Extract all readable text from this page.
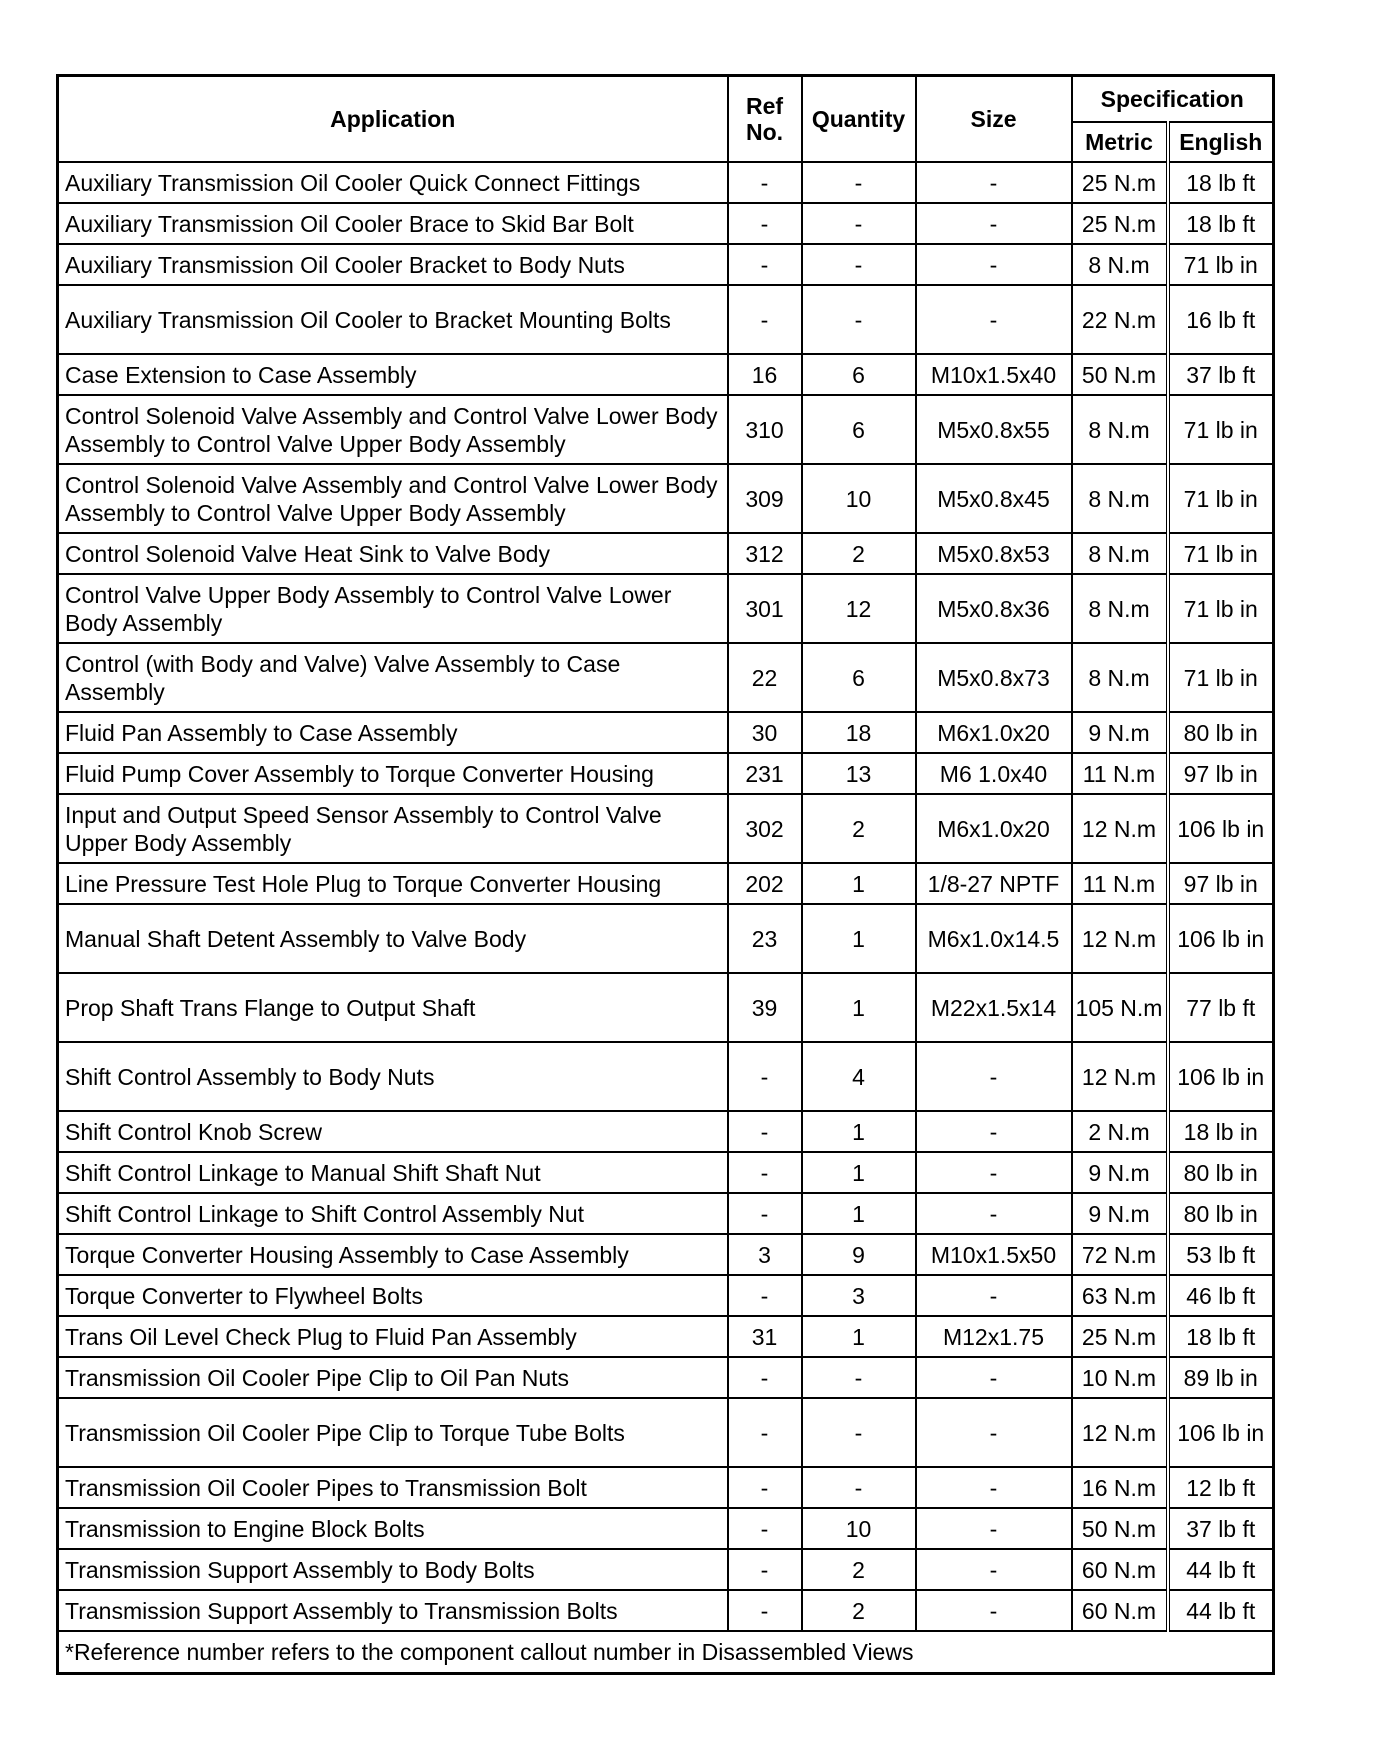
Application	Ref No.	Quantity	Size	Specification	
				Metric	English
Auxiliary Transmission Oil Cooler Quick Connect Fittings	-	-	-	25 N.m	18 lb ft
Auxiliary Transmission Oil Cooler Brace to Skid Bar Bolt	-	-	-	25 N.m	18 lb ft
Auxiliary Transmission Oil Cooler Bracket to Body Nuts	-	-	-	8 N.m	71 lb in
Auxiliary Transmission Oil Cooler to Bracket Mounting Bolts	-	-	-	22 N.m	16 lb ft
Case Extension to Case Assembly	16	6	M10x1.5x40	50 N.m	37 lb ft
Control Solenoid Valve Assembly and Control Valve Lower Body Assembly to Control Valve Upper Body Assembly	310	6	M5x0.8x55	8 N.m	71 lb in
Control Solenoid Valve Assembly and Control Valve Lower Body Assembly to Control Valve Upper Body Assembly	309	10	M5x0.8x45	8 N.m	71 lb in
Control Solenoid Valve Heat Sink to Valve Body	312	2	M5x0.8x53	8 N.m	71 lb in
Control Valve Upper Body Assembly to Control Valve Lower Body Assembly	301	12	M5x0.8x36	8 N.m	71 lb in
Control (with Body and Valve) Valve Assembly to Case Assembly	22	6	M5x0.8x73	8 N.m	71 lb in
Fluid Pan Assembly to Case Assembly	30	18	M6x1.0x20	9 N.m	80 lb in
Fluid Pump Cover Assembly to Torque Converter Housing	231	13	M6 1.0x40	11 N.m	97 lb in
Input and Output Speed Sensor Assembly to Control Valve Upper Body Assembly	302	2	M6x1.0x20	12 N.m	106 lb in
Line Pressure Test Hole Plug to Torque Converter Housing	202	1	1/8-27 NPTF	11 N.m	97 lb in
Manual Shaft Detent Assembly to Valve Body	23	1	M6x1.0x14.5	12 N.m	106 lb in
Prop Shaft Trans Flange to Output Shaft	39	1	M22x1.5x14	105 N.m	77 lb ft
Shift Control Assembly to Body Nuts	-	4	-	12 N.m	106 lb in
Shift Control Knob Screw	-	1	-	2 N.m	18 lb in
Shift Control Linkage to Manual Shift Shaft Nut	-	1	-	9 N.m	80 lb in
Shift Control Linkage to Shift Control Assembly Nut	-	1	-	9 N.m	80 lb in
Torque Converter Housing Assembly to Case Assembly	3	9	M10x1.5x50	72 N.m	53 lb ft
Torque Converter to Flywheel Bolts	-	3	-	63 N.m	46 lb ft
Trans Oil Level Check Plug to Fluid Pan Assembly	31	1	M12x1.75	25 N.m	18 lb ft
Transmission Oil Cooler Pipe Clip to Oil Pan Nuts	-	-	-	10 N.m	89 lb in
Transmission Oil Cooler Pipe Clip to Torque Tube Bolts	-	-	-	12 N.m	106 lb in
Transmission Oil Cooler Pipes to Transmission Bolt	-	-	-	16 N.m	12 lb ft
Transmission to Engine Block Bolts	-	10	-	50 N.m	37 lb ft
Transmission Support Assembly to Body Bolts	-	2	-	60 N.m	44 lb ft
Transmission Support Assembly to Transmission Bolts	-	2	-	60 N.m	44 lb ft
*Reference number refers to the component callout number in Disassembled Views					
